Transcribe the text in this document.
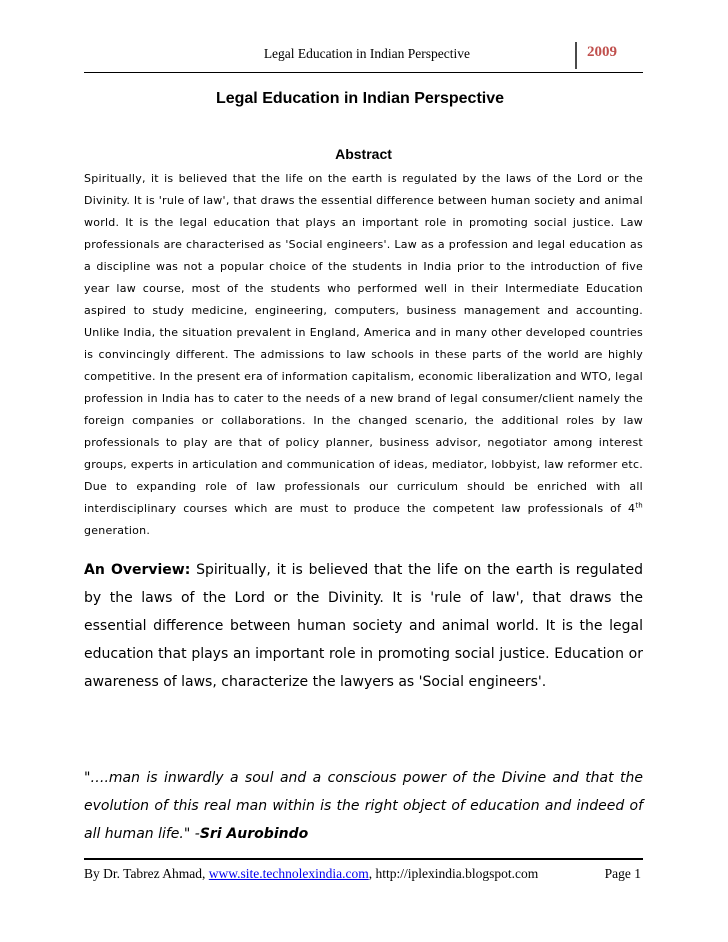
Legal Education in Indian Perspective	2009
Legal Education in Indian Perspective
Abstract
Spiritually, it is believed that the life on the earth is regulated by the laws of the Lord or the Divinity. It is 'rule of law', that draws the essential difference between human society and animal world. It is the legal education that plays an important role in promoting social justice. Law professionals are characterised as 'Social engineers'. Law as a profession and legal education as a discipline was not a popular choice of the students in India prior to the introduction of five year law course, most of the students who performed well in their Intermediate Education aspired to study medicine, engineering, computers, business management and accounting. Unlike India, the situation prevalent in England, America and in many other developed countries is convincingly different. The admissions to law schools in these parts of the world are highly competitive. In the present era of information capitalism, economic liberalization and WTO, legal profession in India has to cater to the needs of a new brand of legal consumer/client namely the foreign companies or collaborations. In the changed scenario, the additional roles by law professionals to play are that of policy planner, business advisor, negotiator among interest groups, experts in articulation and communication of ideas, mediator, lobbyist, law reformer etc. Due to expanding role of law professionals our curriculum should be enriched with all interdisciplinary courses which are must to produce the competent law professionals of 4th generation.
An Overview: Spiritually, it is believed that the life on the earth is regulated by the laws of the Lord or the Divinity. It is 'rule of law', that draws the essential difference between human society and animal world. It is the legal education that plays an important role in promoting social justice. Education or awareness of laws, characterize the lawyers as 'Social engineers'.
"….man is inwardly a soul and a conscious power of the Divine and that the evolution of this real man within is the right object of education and indeed of all human life." -Sri Aurobindo
By Dr. Tabrez Ahmad, www.site.technolexindia.com, http://iplexindia.blogspot.com	Page 1
